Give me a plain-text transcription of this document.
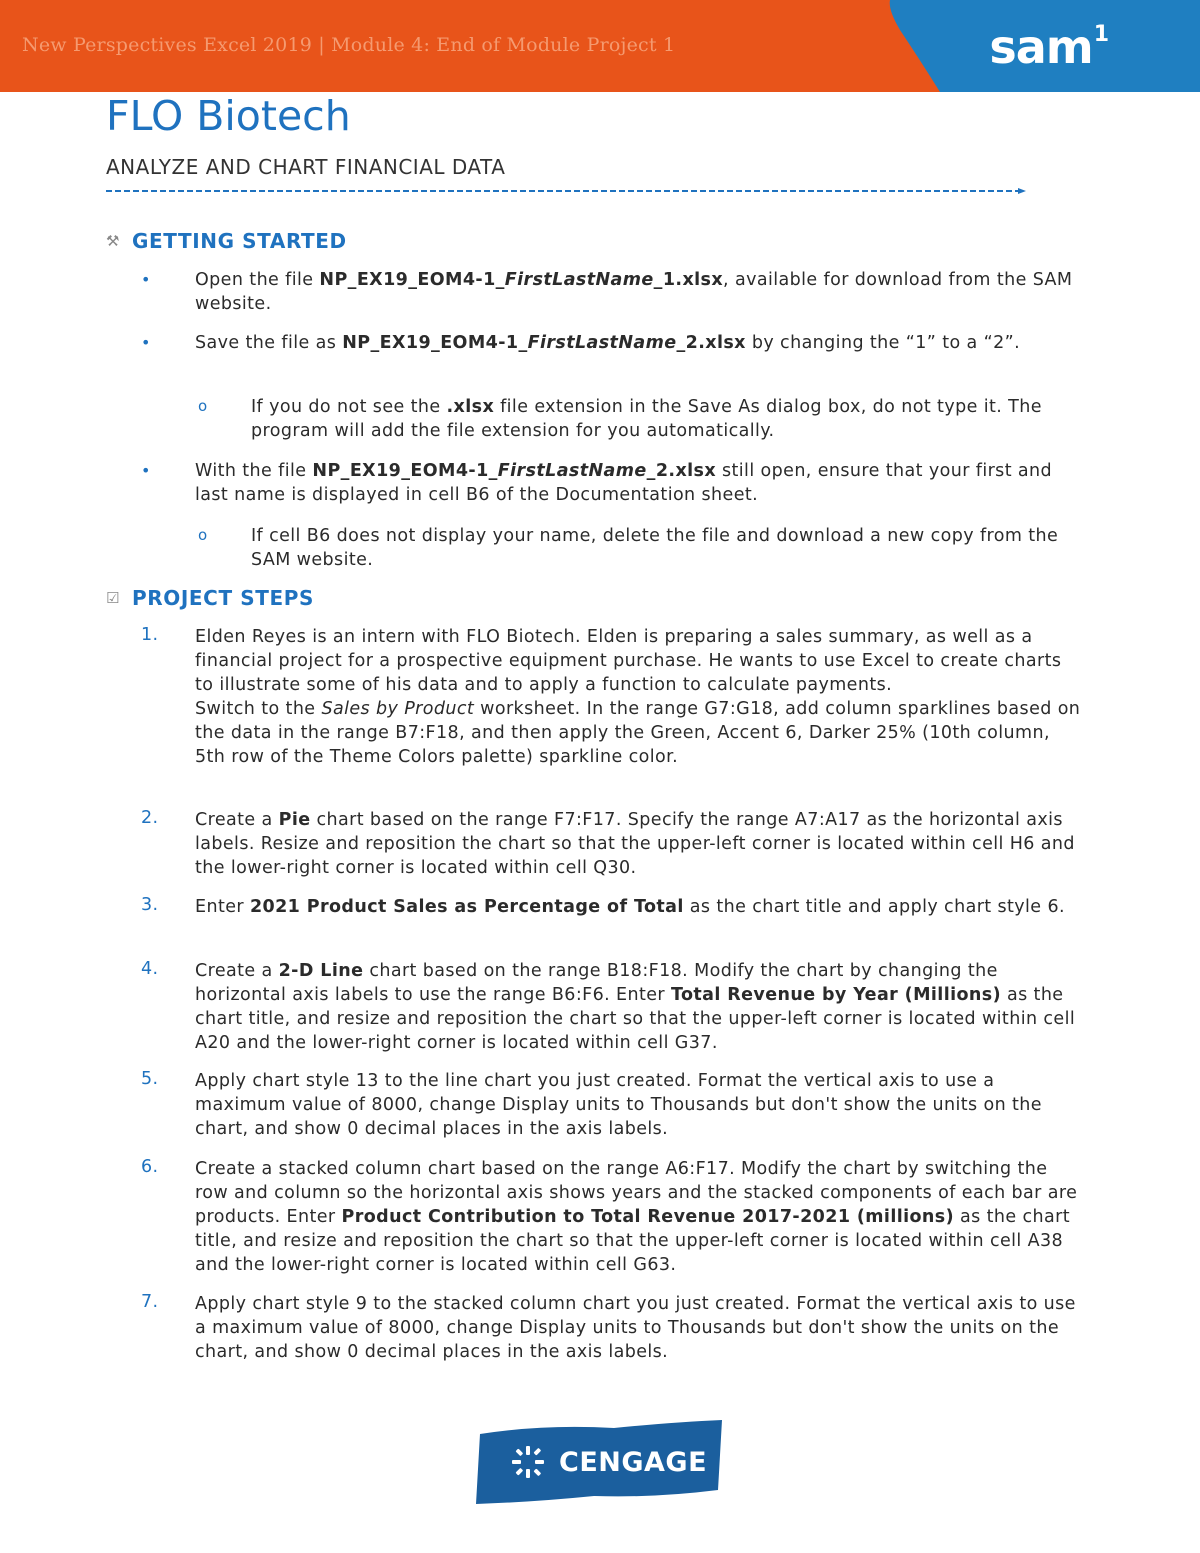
New Perspectives Excel 2019 | Module 4: End of Module Project 1	sam$^1$
FLO Biotech
ANALYZE AND CHART FINANCIAL DATA
⚒ GETTING STARTED
•	Open the file NP_EX19_EOM4-1_FirstLastName_1.xlsx, available for download from the SAM website.
•	Save the file as NP_EX19_EOM4-1_FirstLastName_2.xlsx by changing the “1” to a “2”.
o	If you do not see the .xlsx file extension in the Save As dialog box, do not type it. The program will add the file extension for you automatically.
•	With the file NP_EX19_EOM4-1_FirstLastName_2.xlsx still open, ensure that your first and last name is displayed in cell B6 of the Documentation sheet.
o	If cell B6 does not display your name, delete the file and download a new copy from the SAM website.
☑ PROJECT STEPS
1. Elden Reyes is an intern with FLO Biotech. Elden is preparing a sales summary, as well as a financial project for a prospective equipment purchase. He wants to use Excel to create charts to illustrate some of his data and to apply a function to calculate payments.
Switch to the Sales by Product worksheet. In the range G7:G18, add column sparklines based on the data in the range B7:F18, and then apply the Green, Accent 6, Darker 25% (10th column, 5th row of the Theme Colors palette) sparkline color.
2. Create a Pie chart based on the range F7:F17. Specify the range A7:A17 as the horizontal axis labels. Resize and reposition the chart so that the upper-left corner is located within cell H6 and the lower-right corner is located within cell Q30.
3. Enter 2021 Product Sales as Percentage of Total as the chart title and apply chart style 6.
4. Create a 2-D Line chart based on the range B18:F18. Modify the chart by changing the horizontal axis labels to use the range B6:F6. Enter Total Revenue by Year (Millions) as the chart title, and resize and reposition the chart so that the upper-left corner is located within cell A20 and the lower-right corner is located within cell G37.
5. Apply chart style 13 to the line chart you just created. Format the vertical axis to use a maximum value of 8000, change Display units to Thousands but don't show the units on the chart, and show 0 decimal places in the axis labels.
6. Create a stacked column chart based on the range A6:F17. Modify the chart by switching the row and column so the horizontal axis shows years and the stacked components of each bar are products. Enter Product Contribution to Total Revenue 2017-2021 (millions) as the chart title, and resize and reposition the chart so that the upper-left corner is located within cell A38 and the lower-right corner is located within cell G63.
7. Apply chart style 9 to the stacked column chart you just created. Format the vertical axis to use a maximum value of 8000, change Display units to Thousands but don't show the units on the chart, and show 0 decimal places in the axis labels.
CENGAGE
